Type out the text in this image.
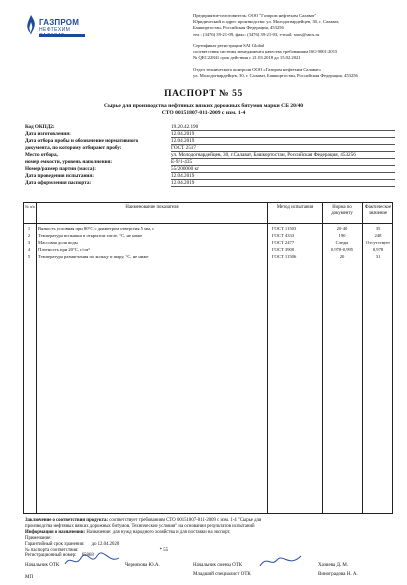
ГАЗПРОМ
НЕФТЕХИМ
Предприятие-изготовитель: ООО "Газпром нефтехим Салават"
Юридический и адрес производства: ул. Молодогвардейцев, 30, г. Салават,
Башкортостан, Российская Федерация, 453256
тел.: (3476) 39-21-09, факс: (3476) 39-21-03, e-mail: snos@snos.ru
Сертификат регистрации SAI Global
соответствия системы менеджмента качества требованиям ISO 9001:2015
№ QEC22841 срок действия с 21.03.2018 до 15.02.2021
Отдел технического контроля ООО «Газпром нефтехим Салават»
ул. Молодогвардейцев, 30, г. Салават, Башкортостан, Российская Федерация, 453256
ПАСПОРТ № 55
Сырье для производства нефтяных вязких дорожных битумов марки СБ 20/40
СТО 00151807-011-2009 с изм. 1-4
Код ОКПД2:	19.20.42.190
Дата изготовления:	12.04.2019
Дата отбора пробы и обозначение нормативного	12.04.2019
документа, по которому отбирают пробу:	ГОСТ 2517
Место отбора,	ул. Молодогвардейцев, 30, г.Салават, Башкортостан, Российская Федерация, 453256
номер емкости, уровень наполнения:	Е-9/1-435
Номер/размер партии (масса):	55/200000 кг
Дата проведения испытания:	12.04.2019
Дата оформления паспорта:	12.04.2019
№ п/п	Наименование показателя	Метод испытания	Норма по документу
Фактическое значение
1	Вязкость условная при 80°С с диаметром отверстия 5 мм, с	ГОСТ 11503	20-40	35
2	Температура вспышки в открытом тигле, °С, не ниже	ГОСТ 4333	190	248
3	Массовая доля воды	ГОСТ 2477	Следы	Отсутствует
4	Плотность при 20°С, г/см³	ГОСТ 3900	0,970-0,995	0,978
5	Температура размягчения по кольцу и шару, °С, не ниже	ГОСТ 11506	20	31
Заключение о соответствии продукта: соответствует требованиям СТО 00151807-011-2009 с изм. 1-4 "Сырье для
производства нефтяных вязких дорожных битумов. Технические условия" на основании результатов испытаний
Информация о назначении: Назначение: для нужд народного хозяйства и для поставки на экспорт.
Примечание:
Гарантийный срок хранения: до 12.04.2020
№ паспорта соответствия:	* 55
Регистрационный номер: 65868
Начальник ОТК	Черняхова Ю.А.	Начальник смены ОТК	Хазиева Д. М.
Младший специалист ОТК	Виноградова Н. А.
МП
